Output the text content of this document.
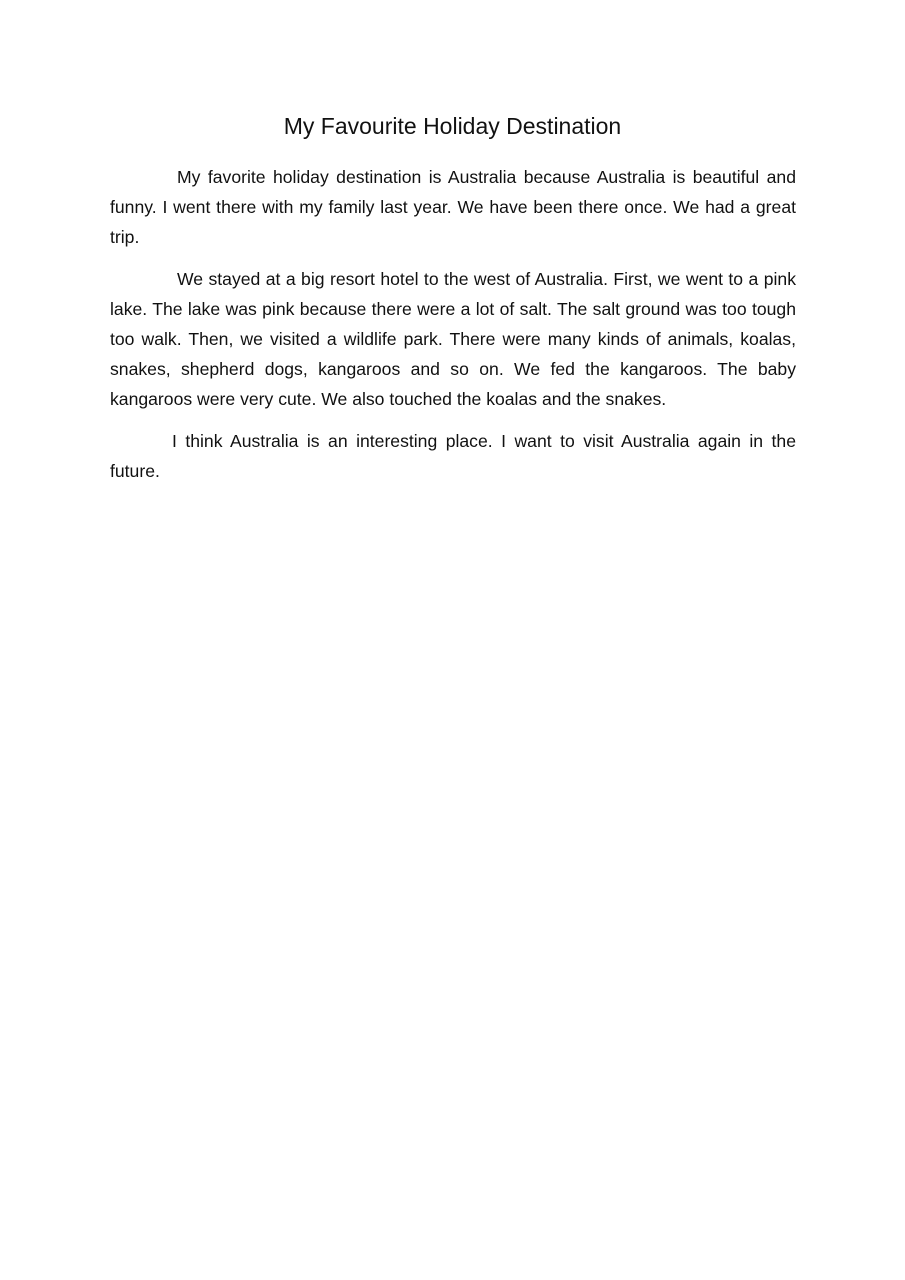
My Favourite Holiday Destination

My favorite holiday destination is Australia because Australia is beautiful and funny. I went there with my family last year. We have been there once. We had a great trip.

We stayed at a big resort hotel to the west of Australia. First, we went to a pink lake. The lake was pink because there were a lot of salt. The salt ground was too tough too walk. Then, we visited a wildlife park. There were many kinds of animals, koalas, snakes, shepherd dogs, kangaroos and so on. We fed the kangaroos. The baby kangaroos were very cute. We also touched the koalas and the snakes.

I think Australia is an interesting place. I want to visit Australia again in the future.
